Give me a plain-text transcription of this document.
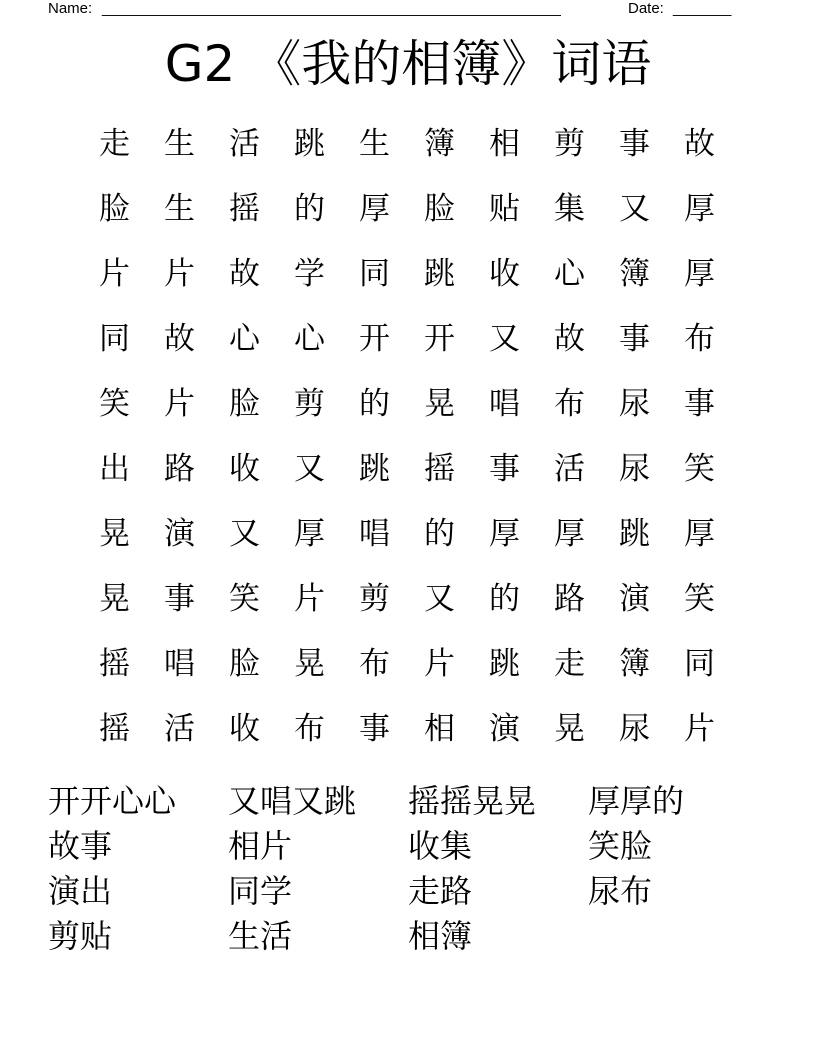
Name: _______________________________________________________	Date: _______
G2 《我的相簿》词语
走	生	活	跳	生	簿	相	剪	事	故
脸	生	摇	的	厚	脸	贴	集	又	厚
片	片	故	学	同	跳	收	心	簿	厚
同	故	心	心	开	开	又	故	事	布
笑	片	脸	剪	的	晃	唱	布	尿	事
出	路	收	又	跳	摇	事	活	尿	笑
晃	演	又	厚	唱	的	厚	厚	跳	厚
晃	事	笑	片	剪	又	的	路	演	笑
摇	唱	脸	晃	布	片	跳	走	簿	同
摇	活	收	布	事	相	演	晃	尿	片
开开心心	又唱又跳	摇摇晃晃	厚厚的
故事	相片	收集	笑脸
演出	同学	走路	尿布
剪贴	生活	相簿
